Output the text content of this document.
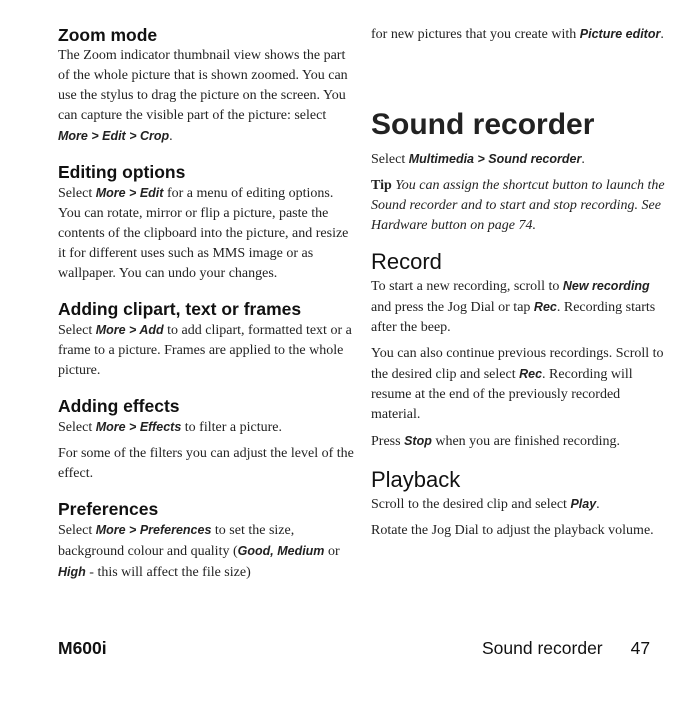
Zoom mode

The Zoom indicator thumbnail view shows the part of the whole picture that is shown zoomed. You can use the stylus to drag the picture on the screen. You can capture the visible part of the picture: select More > Edit > Crop.

Editing options

Select More > Edit for a menu of editing options. You can rotate, mirror or flip a picture, paste the contents of the clipboard into the picture, and resize it for different uses such as MMS image or as wallpaper. You can undo your changes.

Adding clipart, text or frames

Select More > Add to add clipart, formatted text or a frame to a picture. Frames are applied to the whole picture.

Adding effects

Select More > Effects to filter a picture.

For some of the filters you can adjust the level of the effect.

Preferences

Select More > Preferences to set the size, background colour and quality (Good, Medium or High - this will affect the file size)

for new pictures that you create with Picture editor.

Sound recorder

Select Multimedia > Sound recorder.

Tip You can assign the shortcut button to launch the Sound recorder and to start and stop recording. See Hardware button on page 74.

Record

To start a new recording, scroll to New recording and press the Jog Dial or tap Rec. Recording starts after the beep.

You can also continue previous recordings. Scroll to the desired clip and select Rec. Recording will resume at the end of the previously recorded material.

Press Stop when you are finished recording.

Playback

Scroll to the desired clip and select Play.

Rotate the Jog Dial to adjust the playback volume.

M600i	Sound recorder 47
